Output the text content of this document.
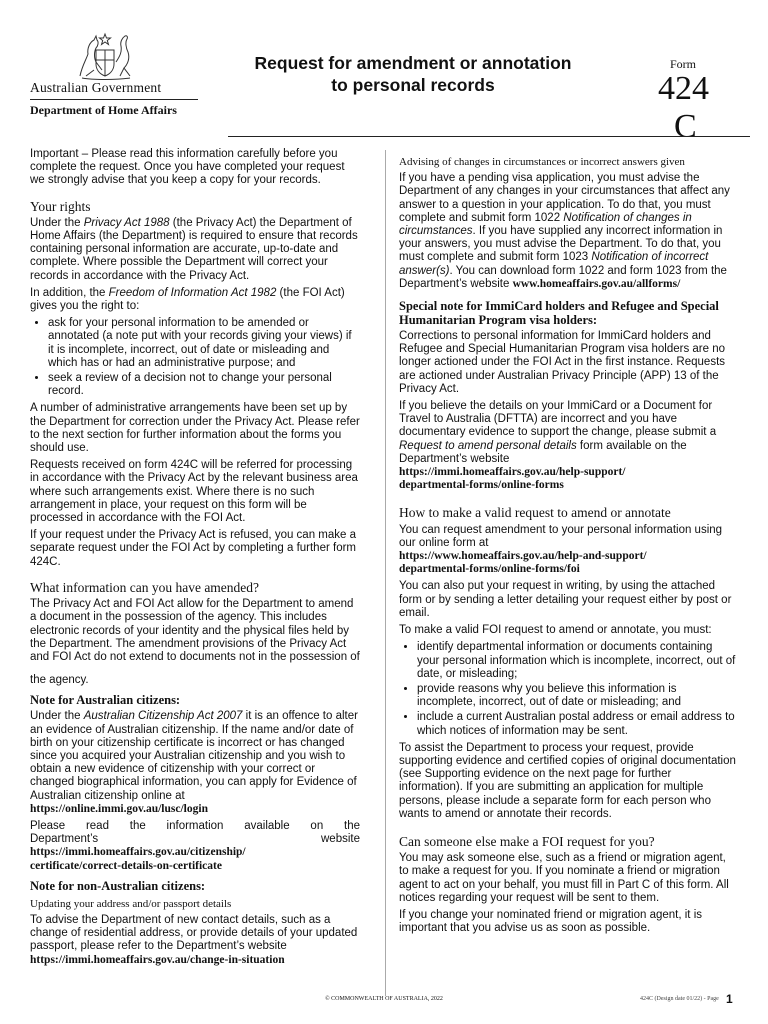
Australian Government
Department of Home Affairs
Request for amendment or annotation
to personal records
Form
424
C

Important – Please read this information carefully before you complete the request. Once you have completed your request we strongly advise that you keep a copy for your records.

Your rights

Under the Privacy Act 1988 (the Privacy Act) the Department of Home Affairs (the Department) is required to ensure that records containing personal information are accurate, up-to-date and complete. Where possible the Department will correct your records in accordance with the Privacy Act.

In addition, the Freedom of Information Act 1982 (the FOI Act) gives you the right to:

• ask for your personal information to be amended or annotated (a note put with your records giving your views) if it is incomplete, incorrect, out of date or misleading and which has or had an administrative purpose; and
• seek a review of a decision not to change your personal record.

A number of administrative arrangements have been set up by the Department for correction under the Privacy Act. Please refer to the next section for further information about the forms you should use.

Requests received on form 424C will be referred for processing in accordance with the Privacy Act by the relevant business area where such arrangements exist. Where there is no such arrangement in place, your request on this form will be processed in accordance with the FOI Act.

If your request under the Privacy Act is refused, you can make a separate request under the FOI Act by completing a further form 424C.

What information can you have amended?

The Privacy Act and FOI Act allow for the Department to amend a document in the possession of the agency. This includes electronic records of your identity and the physical files held by the Department. The amendment provisions of the Privacy Act and FOI Act do not extend to documents not in the possession of

the agency.

Note for Australian citizens:

Under the Australian Citizenship Act 2007 it is an offence to alter an evidence of Australian citizenship. If the name and/or date of birth on your citizenship certificate is incorrect or has changed since you acquired your Australian citizenship and you wish to obtain a new evidence of citizenship with your correct or changed biographical information, you can apply for Evidence of Australian citizenship online at

https://online.immi.gov.au/lusc/login

Please read the information available on the
Department’s	website
https://immi.homeaffairs.gov.au/citizenship/
certificate/correct-details-on-certificate
Note for non-Australian citizens:
Updating your address and/or passport details

To advise the Department of new contact details, such as a change of residential address, or provide details of your updated passport, please refer to the Department’s website

https://immi.homeaffairs.gov.au/change-in-situation
Advising of changes in circumstances or incorrect answers given

If you have a pending visa application, you must advise the Department of any changes in your circumstances that affect any answer to a question in your application. To do that, you must complete and submit form 1022 Notification of changes in circumstances. If you have supplied any incorrect information in your answers, you must advise the Department. To do that, you must complete and submit form 1023 Notification of incorrect answer(s). You can download form 1022 and form 1023 from the Department’s website www.homeaffairs.gov.au/allforms/

Special note for ImmiCard holders and Refugee and Special Humanitarian Program visa holders:

Corrections to personal information for ImmiCard holders and Refugee and Special Humanitarian Program visa holders are no longer actioned under the FOI Act in the first instance. Requests are actioned under Australian Privacy Principle (APP) 13 of the Privacy Act.

If you believe the details on your ImmiCard or a Document for Travel to Australia (DFTTA) are incorrect and you have documentary evidence to support the change, please submit a Request to amend personal details form available on the Department’s website

https://immi.homeaffairs.gov.au/help-support/
departmental-forms/online-forms
How to make a valid request to amend or annotate

You can request amendment to your personal information using our online form at

https://www.homeaffairs.gov.au/help-and-support/
departmental-forms/online-forms/foi

You can also put your request in writing, by using the attached form or by sending a letter detailing your request either by post or email.

To make a valid FOI request to amend or annotate, you must:

• identify departmental information or documents containing your personal information which is incomplete, incorrect, out of date, or misleading;
• provide reasons why you believe this information is incomplete, incorrect, out of date or misleading; and
• include a current Australian postal address or email address to which notices of information may be sent.

To assist the Department to process your request, provide supporting evidence and certified copies of original documentation (see Supporting evidence on the next page for further information). If you are submitting an application for multiple persons, please include a separate form for each person who wants to amend or annotate their records.

Can someone else make a FOI request for you?

You may ask someone else, such as a friend or migration agent, to make a request for you. If you nominate a friend or migration agent to act on your behalf, you must fill in Part C of this form. All notices regarding your request will be sent to them.

If you change your nominated friend or migration agent, it is important that you advise us as soon as possible.

© COMMONWEALTH OF AUSTRALIA, 2022	424C (Design date 01/22) - Page 1
